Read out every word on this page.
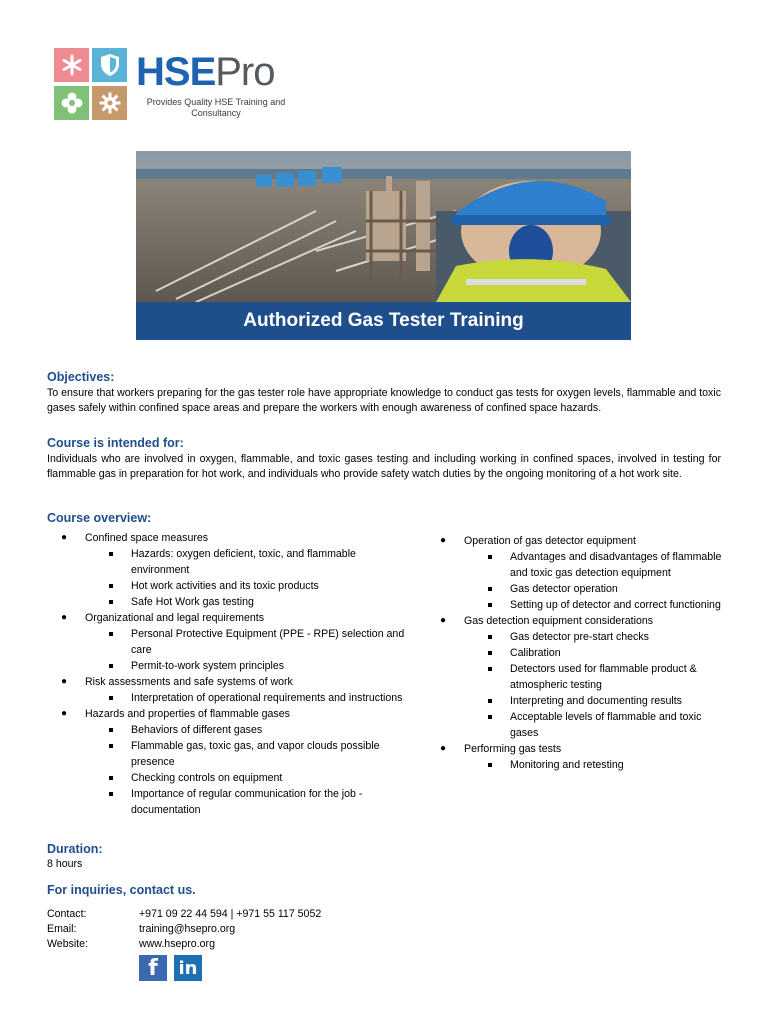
HSEPro
Provides Quality HSE Training and Consultancy
Authorized Gas Tester Training
Objectives:
To ensure that workers preparing for the gas tester role have appropriate knowledge to conduct gas tests for oxygen levels, flammable and toxic gases safely within confined space areas and prepare the workers with enough awareness of confined space hazards.
Course is intended for:
Individuals who are involved in oxygen, flammable, and toxic gases testing and including working in confined spaces, involved in testing for flammable gas in preparation for hot work, and individuals who provide safety watch duties by the ongoing monitoring of a hot work site.
Course overview:
● Confined space measures
Hazards: oxygen deficient, toxic, and flammable environment
Hot work activities and its toxic products
Safe Hot Work gas testing
● Organizational and legal requirements
Personal Protective Equipment (PPE - RPE) selection and care
Permit-to-work system principles
● Risk assessments and safe systems of work
Interpretation of operational requirements and instructions
● Hazards and properties of flammable gases
Behaviors of different gases
Flammable gas, toxic gas, and vapor clouds possible presence
Checking controls on equipment
Importance of regular communication for the job - documentation
● Operation of gas detector equipment
Advantages and disadvantages of flammable and toxic gas detection equipment
Gas detector operation
Setting up of detector and correct functioning
● Gas detection equipment considerations
Gas detector pre-start checks
Calibration
Detectors used for flammable product & atmospheric testing
Interpreting and documenting results
Acceptable levels of flammable and toxic gases
● Performing gas tests
Monitoring and retesting
Duration:
8 hours
For inquiries, contact us.
Contact:	+971 09 22 44 594 | +971 55 117 5052
Email:	training@hsepro.org
Website:	www.hsepro.org
f in
